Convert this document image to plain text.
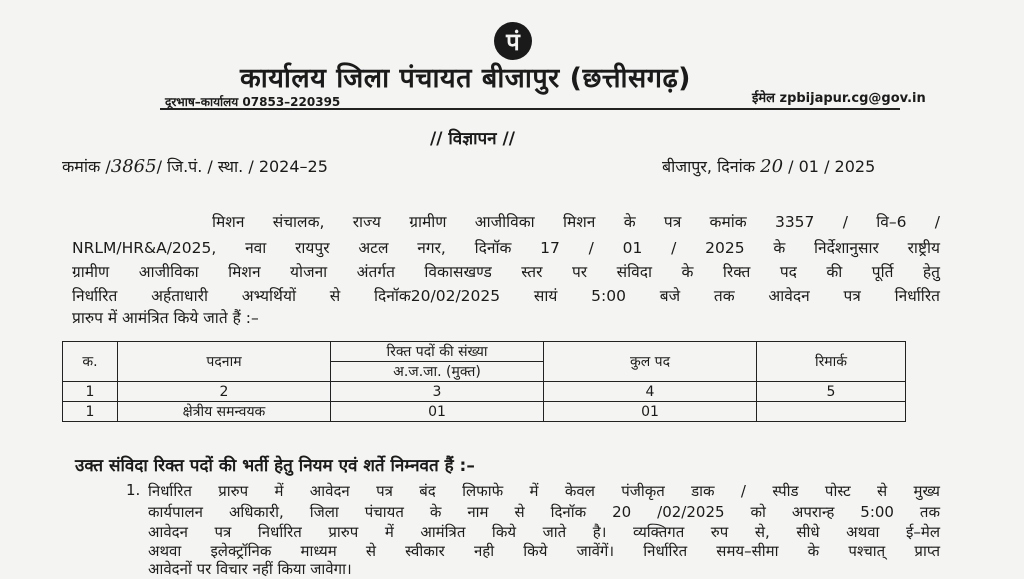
पं
कार्यालय जिला पंचायत बीजापुर (छत्तीसगढ़)
दूरभाष–कार्यालय 07853–220395	ईमेल zpbijapur.cg@gov.in
// विज्ञापन //
कमांक /3865/ जि.पं. / स्था. / 2024–25	बीजापुर, दिनांक 20 / 01 / 2025
मिशन संचालक, राज्य ग्रामीण आजीविका मिशन के पत्र कमांक 3357 / वि–6 /
NRLM/HR&A/2025, नवा रायपुर अटल नगर, दिनॉक 17 / 01 / 2025 के निर्देशानुसार राष्ट्रीय
ग्रामीण आजीविका मिशन योजना अंतर्गत विकासखण्ड स्तर पर संविदा के रिक्त पद की पूर्ति हेतु
निर्धारित अर्हताधारी अभ्यर्थियों से दिनॉक20/02/2025 सायं 5:00 बजे तक आवेदन पत्र निर्धारित
प्रारुप में आमंत्रित किये जाते हैं :–
क.	पदनाम	रिक्त पदों की संख्या	कुल पद	रिमार्क
		अ.ज.जा. (मुक्त)		
1	2	3	4	5
1	क्षेत्रीय समन्वयक	01	01	
उक्त संविदा रिक्त पदों की भर्ती हेतु नियम एवं शर्ते निम्नवत हैं :–
1. निर्धारित प्रारुप में आवेदन पत्र बंद लिफाफे में केवल पंजीकृत डाक / स्पीड पोस्ट से मुख्य
कार्यपालन अधिकारी, जिला पंचायत के नाम से दिनॉक 20 /02/2025 को अपरान्ह 5:00 तक
आवेदन पत्र निर्धारित प्रारुप में आमंत्रित किये जाते है। व्यक्तिगत रुप से, सीधे अथवा ई–मेल
अथवा इलेक्ट्रॉनिक माध्यम से स्वीकार नही किये जावेंगें। निर्धारित समय–सीमा के पश्चात् प्राप्त
आवेदनों पर विचार नहीं किया जावेगा।
